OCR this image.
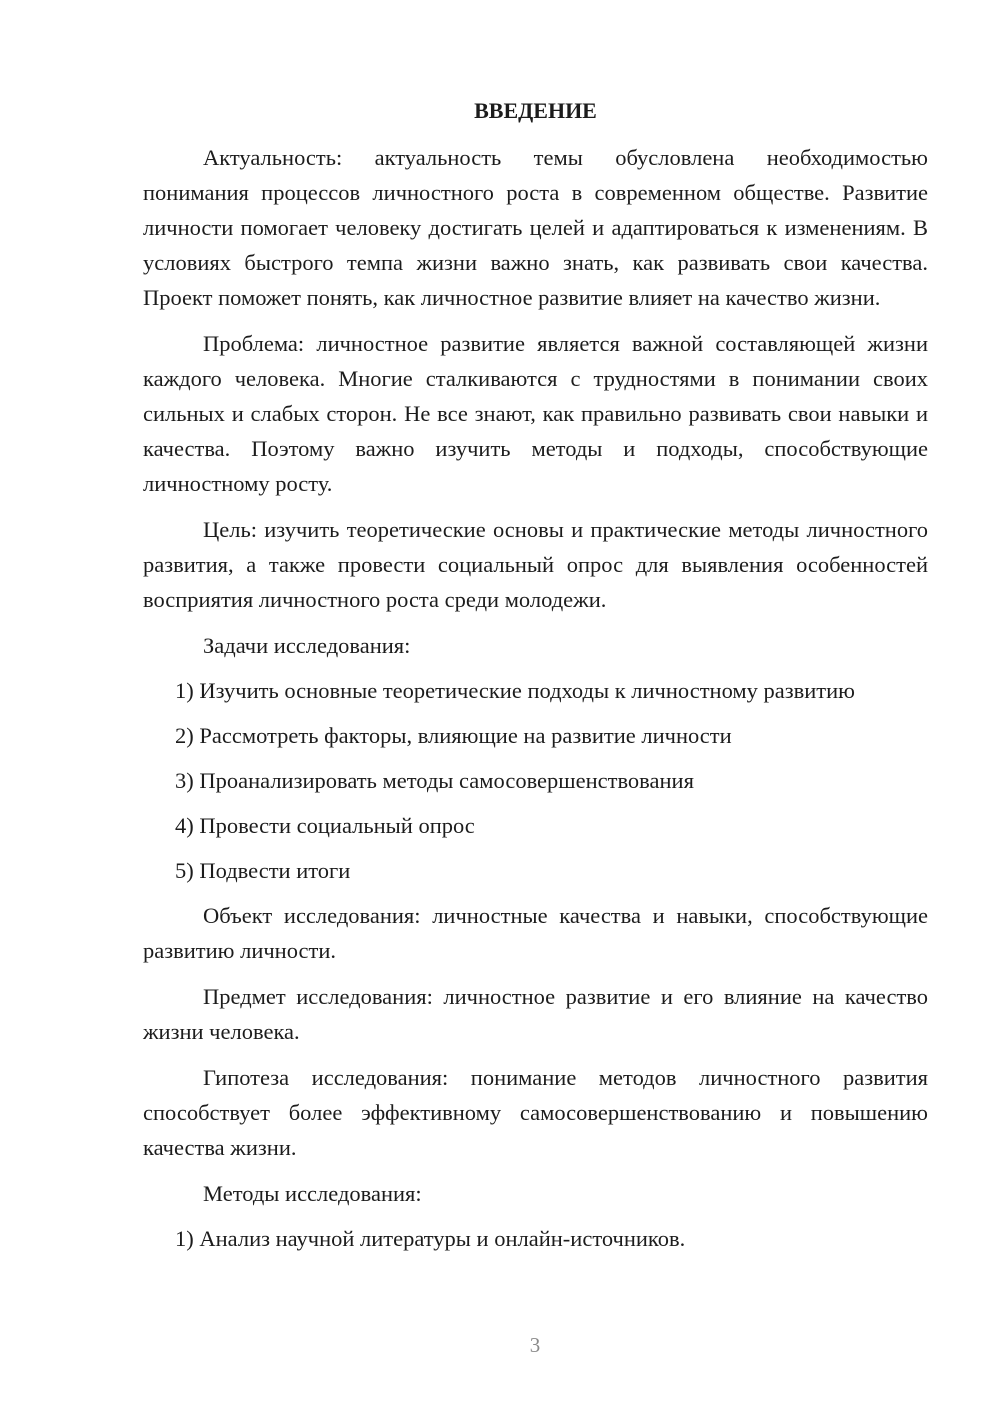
ВВЕДЕНИЕ

Актуальность: актуальность темы обусловлена необходимостью понимания процессов личностного роста в современном обществе. Развитие личности помогает человеку достигать целей и адаптироваться к изменениям. В условиях быстрого темпа жизни важно знать, как развивать свои качества. Проект поможет понять, как личностное развитие влияет на качество жизни.

Проблема: личностное развитие является важной составляющей жизни каждого человека. Многие сталкиваются с трудностями в понимании своих сильных и слабых сторон. Не все знают, как правильно развивать свои навыки и качества. Поэтому важно изучить методы и подходы, способствующие личностному росту.

Цель: изучить теоретические основы и практические методы личностного развития, а также провести социальный опрос для выявления особенностей восприятия личностного роста среди молодежи.

Задачи исследования:

1) Изучить основные теоретические подходы к личностному развитию
2) Рассмотреть факторы, влияющие на развитие личности
3) Проанализировать методы самосовершенствования
4) Провести социальный опрос
5) Подвести итоги

Объект исследования: личностные качества и навыки, способствующие развитию личности.

Предмет исследования: личностное развитие и его влияние на качество жизни человека.

Гипотеза исследования: понимание методов личностного развития способствует более эффективному самосовершенствованию и повышению качества жизни.

Методы исследования:

1) Анализ научной литературы и онлайн-источников.
3
